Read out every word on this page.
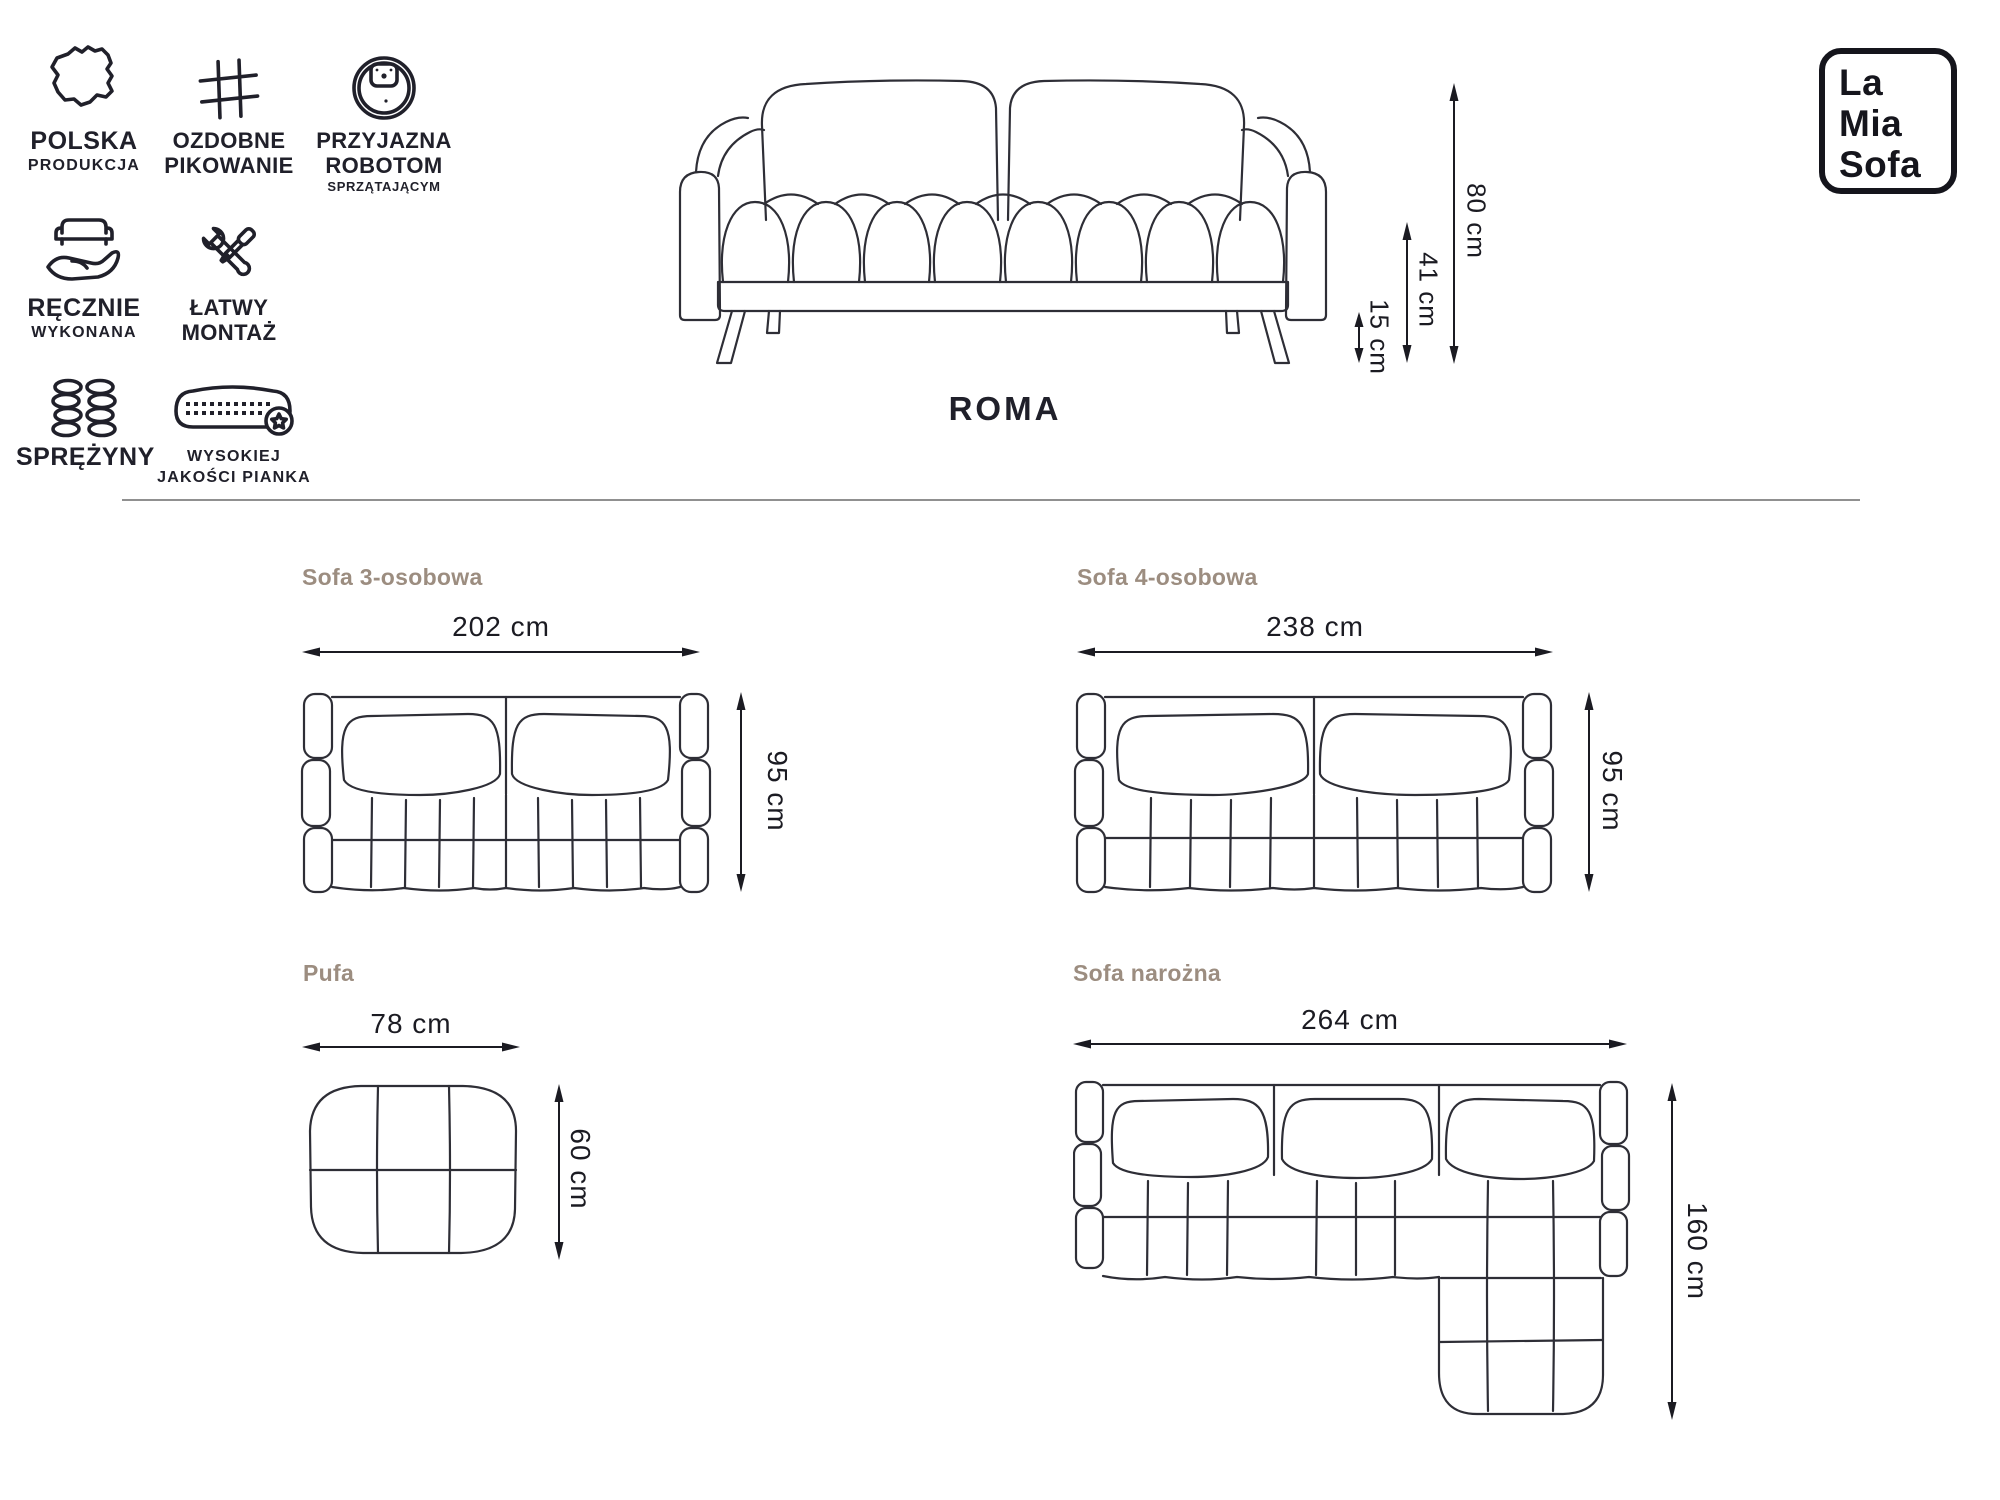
POLSKA
PRODUKCJA
OZDOBNE
PIKOWANIE
PRZYJAZNA
ROBOTOM
SPRZĄTAJĄCYM
RĘCZNIE
WYKONANA
ŁATWY
MONTAŻ
SPRĘŻYNY	WYSOKIEJ
JAKOŚCI PIANKA
La
Mia
Sofa
80 cm
41 cm
15 cm
ROMA
Sofa 3-osobowa
202 cm
95 cm
Sofa 4-osobowa
238 cm
95 cm
Pufa
78 cm
60 cm
Sofa narożna
264 cm
160 cm
